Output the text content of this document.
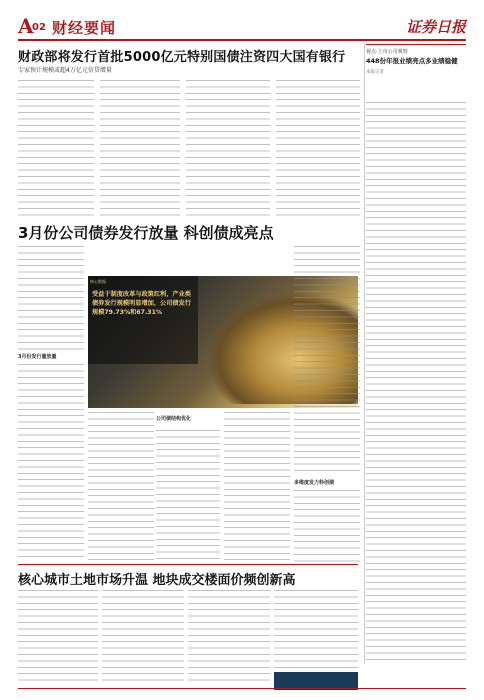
A
02 财经要闻	证券日报
财政部将发行首批5000亿元特别国债注资四大国有银行
专家预计规模或超4万亿元信贷增量
视点·上市公司观察
448份年报业绩亮点多业绩稳健
本报记者
3月份公司债券发行放量 科创债成亮点
3月份发行量放量
核心数据
受益于制度改革与政策红利，产业类债券发行规模明显增加，公司债发行规模79.73%和67.31%
公司债结构优化
多维度发力科创债
核心城市土地市场升温 地块成交楼面价频创新高
